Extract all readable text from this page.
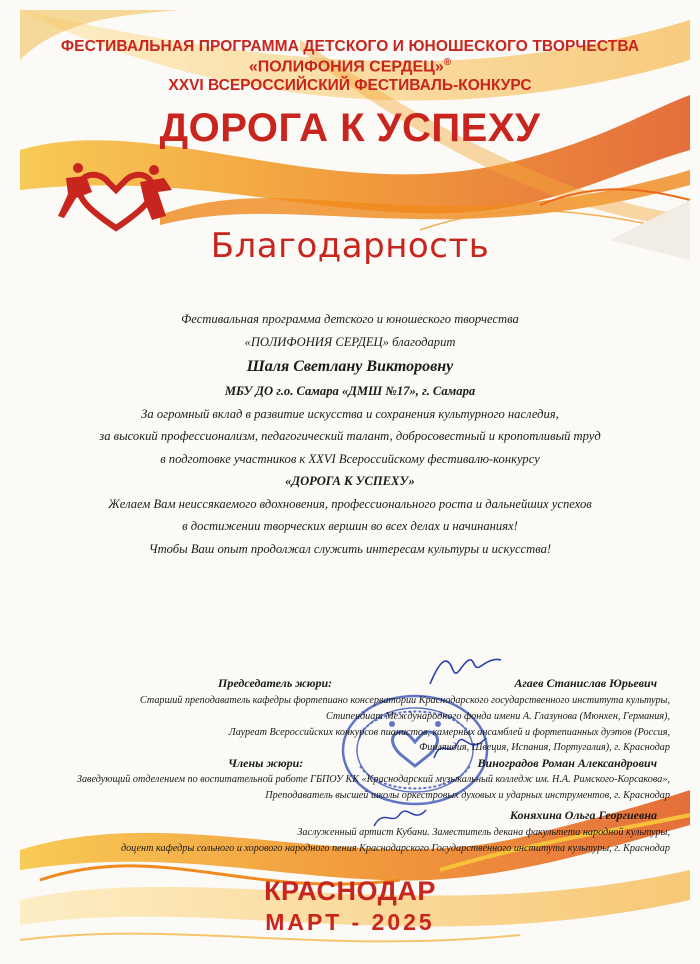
ФЕСТИВАЛЬНАЯ ПРОГРАММА ДЕТСКОГО И ЮНОШЕСКОГО ТВОРЧЕСТВА
«ПОЛИФОНИЯ СЕРДЕЦ»®
XXVI ВСЕРОССИЙСКИЙ ФЕСТИВАЛЬ-КОНКУРС
ДОРОГА К УСПЕХУ
Благодарность
Фестивальная программа детского и юношеского творчества
«ПОЛИФОНИЯ СЕРДЕЦ» благодарит
Шаля Светлану Викторовну
МБУ ДО г.о. Самара «ДМШ №17», г. Самара
За огромный вклад в развитие искусства и сохранения культурного наследия,
за высокий профессионализм, педагогический талант, добросовестный и кропотливый труд
в подготовке участников к XXVI Всероссийскому фестивалю-конкурсу
«ДОРОГА К УСПЕХУ»
Желаем Вам неиссякаемого вдохновения, профессионального роста и дальнейших успехов
в достижении творческих вершин во всех делах и начинаниях!
Чтобы Ваш опыт продолжал служить интересам культуры и искусства!
Председатель жюри:	Агаев Станислав Юрьевич
Старший преподаватель кафедры фортепиано консерватории Краснодарского государственного института культуры,
Стипендиат Международного фонда имени А. Глазунова (Мюнхен, Германия),
Лауреат Всероссийских конкурсов пианистов, камерных ансамблей и фортепианных дуэтов (Россия,
Финляндия, Швеция, Испания, Португалия), г. Краснодар
Члены жюри:	Виноградов Роман Александрович
Заведующий отделением по воспитательной работе ГБПОУ КК «Краснодарский музыкальный колледж им. Н.А. Римского-Корсакова»,
Преподаватель высшей школы оркестровых духовых и ударных инструментов, г. Краснодар
Коняхина Ольга Георгиевна
Заслуженный артист Кубани. Заместитель декана факультета народной культуры,
доцент кафедры сольного и хорового народного пения Краснодарского Государственного института культуры, г. Краснодар
КРАСНОДАР
МАРТ - 2025
